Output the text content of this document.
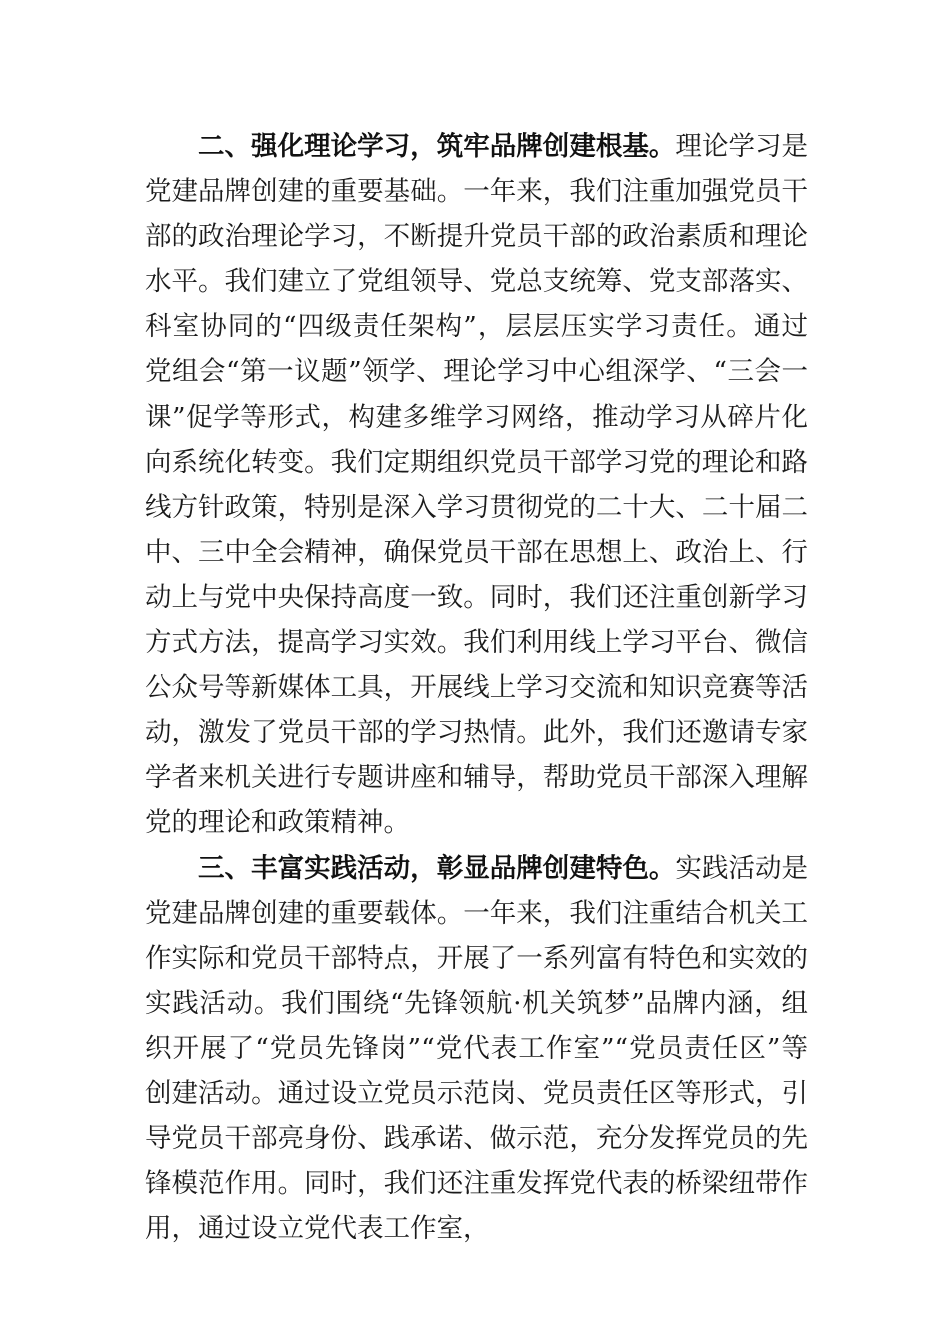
二、强化理论学习，筑牢品牌创建根基。理论学习是党建品牌创建的重要基础。一年来，我们注重加强党员干部的政治理论学习，不断提升党员干部的政治素质和理论水平。我们建立了党组领导、党总支统筹、党支部落实、科室协同的“四级责任架构”，层层压实学习责任。通过党组会“第一议题”领学、理论学习中心组深学、“三会一课”促学等形式，构建多维学习网络，推动学习从碎片化向系统化转变。我们定期组织党员干部学习党的理论和路线方针政策，特别是深入学习贯彻党的二十大、二十届二中、三中全会精神，确保党员干部在思想上、政治上、行动上与党中央保持高度一致。同时，我们还注重创新学习方式方法，提高学习实效。我们利用线上学习平台、微信公众号等新媒体工具，开展线上学习交流和知识竞赛等活动，激发了党员干部的学习热情。此外，我们还邀请专家学者来机关进行专题讲座和辅导，帮助党员干部深入理解党的理论和政策精神。

三、丰富实践活动，彰显品牌创建特色。实践活动是党建品牌创建的重要载体。一年来，我们注重结合机关工作实际和党员干部特点，开展了一系列富有特色和实效的实践活动。我们围绕“先锋领航·机关筑梦”品牌内涵，组织开展了“党员先锋岗”“党代表工作室”“党员责任区”等创建活动。通过设立党员示范岗、党员责任区等形式，引导党员干部亮身份、践承诺、做示范，充分发挥党员的先锋模范作用。同时，我们还注重发挥党代表的桥梁纽带作用，通过设立党代表工作室，
